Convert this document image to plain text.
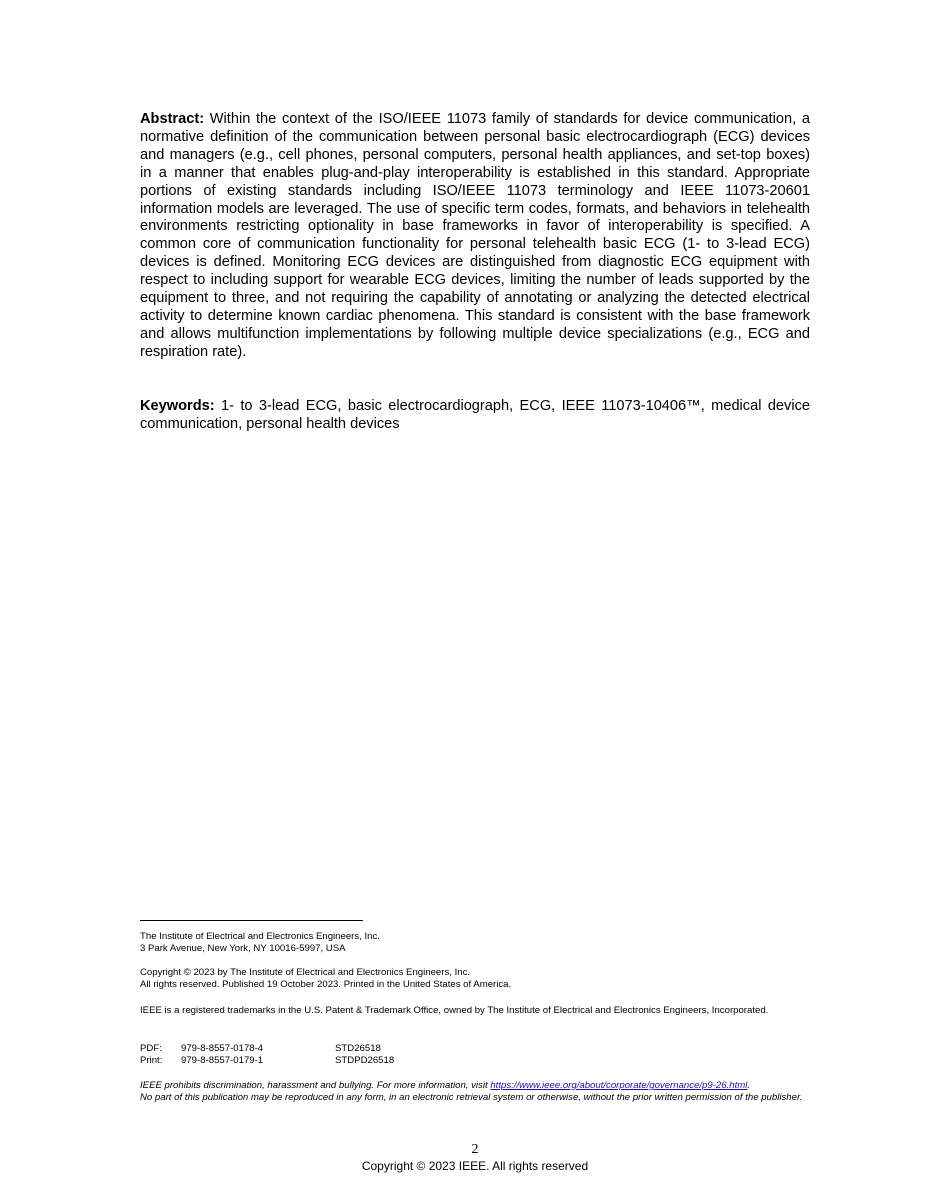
Abstract: Within the context of the ISO/IEEE 11073 family of standards for device communication, a normative definition of the communication between personal basic electrocardiograph (ECG) devices and managers (e.g., cell phones, personal computers, personal health appliances, and set-top boxes) in a manner that enables plug-and-play interoperability is established in this standard. Appropriate portions of existing standards including ISO/IEEE 11073 terminology and IEEE 11073-20601 information models are leveraged. The use of specific term codes, formats, and behaviors in telehealth environments restricting optionality in base frameworks in favor of interoperability is specified. A common core of communication functionality for personal telehealth basic ECG (1- to 3-lead ECG) devices is defined. Monitoring ECG devices are distinguished from diagnostic ECG equipment with respect to including support for wearable ECG devices, limiting the number of leads supported by the equipment to three, and not requiring the capability of annotating or analyzing the detected electrical activity to determine known cardiac phenomena. This standard is consistent with the base framework and allows multifunction implementations by following multiple device specializations (e.g., ECG and respiration rate).

Keywords: 1- to 3-lead ECG, basic electrocardiograph, ECG, IEEE 11073-10406™, medical device communication, personal health devices

The Institute of Electrical and Electronics Engineers, Inc.

3 Park Avenue, New York, NY 10016-5997, USA

Copyright © 2023 by The Institute of Electrical and Electronics Engineers, Inc.

All rights reserved. Published 19 October 2023. Printed in the United States of America.

IEEE is a registered trademarks in the U.S. Patent & Trademark Office, owned by The Institute of Electrical and Electronics Engineers, Incorporated.

PDF:	979-8-8557-0178-4	STD26518
Print:	979-8-8557-0179-1	STDPD26518

IEEE prohibits discrimination, harassment and bullying. For more information, visit https://www.ieee.org/about/corporate/governance/p9-26.html.

No part of this publication may be reproduced in any form, in an electronic retrieval system or otherwise, without the prior written permission of the publisher.

2
Copyright © 2023 IEEE. All rights reserved
